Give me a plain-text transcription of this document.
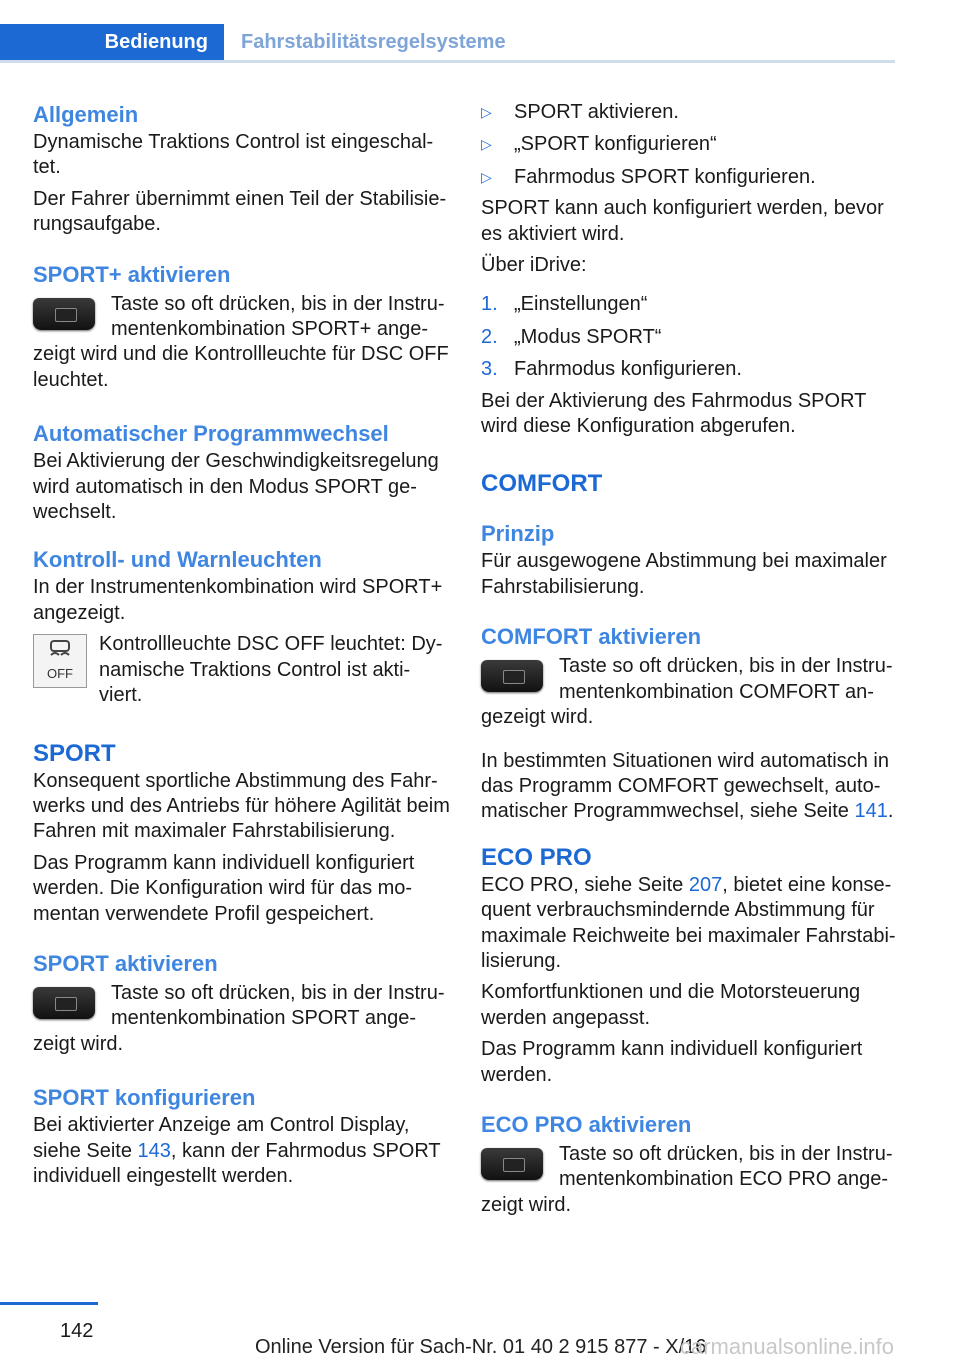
Bedienung	Fahrstabilitätsregelsysteme
Allgemein

Dynamische Traktions Control ist eingeschal-tet.

Der Fahrer übernimmt einen Teil der Stabilisie-rungsaufgabe.

SPORT+ aktivieren

Taste so oft drücken, bis in der Instru-mentenkombination SPORT+ ange-zeigt wird und die Kontrollleuchte für DSC OFF leuchtet.

Automatischer Programmwechsel

Bei Aktivierung der Geschwindigkeitsregelung wird automatisch in den Modus SPORT ge-wechselt.

Kontroll- und Warnleuchten

In der Instrumentenkombination wird SPORT+ angezeigt.

OFF

Kontrollleuchte DSC OFF leuchtet: Dy-namische Traktions Control ist akti-viert.

SPORT

Konsequent sportliche Abstimmung des Fahr-werks und des Antriebs für höhere Agilität beim Fahren mit maximaler Fahrstabilisierung.

Das Programm kann individuell konfiguriert werden. Die Konfiguration wird für das mo-mentan verwendete Profil gespeichert.

SPORT aktivieren

Taste so oft drücken, bis in der Instru-mentenkombination SPORT ange-zeigt wird.

SPORT konfigurieren

Bei aktivierter Anzeige am Control Display, siehe Seite 143, kann der Fahrmodus SPORT individuell eingestellt werden.

▷ SPORT aktivieren.
▷ „SPORT konfigurieren“
▷ Fahrmodus SPORT konfigurieren.

SPORT kann auch konfiguriert werden, bevor es aktiviert wird.

Über iDrive:

1. „Einstellungen“
2. „Modus SPORT“
3. Fahrmodus konfigurieren.

Bei der Aktivierung des Fahrmodus SPORT wird diese Konfiguration abgerufen.

COMFORT
Prinzip

Für ausgewogene Abstimmung bei maximaler Fahrstabilisierung.

COMFORT aktivieren

Taste so oft drücken, bis in der Instru-mentenkombination COMFORT an-gezeigt wird.

In bestimmten Situationen wird automatisch in das Programm COMFORT gewechselt, auto-matischer Programmwechsel, siehe Seite 141.

ECO PRO

ECO PRO, siehe Seite 207, bietet eine konse-quent verbrauchsmindernde Abstimmung für maximale Reichweite bei maximaler Fahrstabi-lisierung.

Komfortfunktionen und die Motorsteuerung werden angepasst.

Das Programm kann individuell konfiguriert werden.

ECO PRO aktivieren

Taste so oft drücken, bis in der Instru-mentenkombination ECO PRO ange-zeigt wird.

142
Online Version für Sach-Nr. 01 40 2 915 877 - X/16
carmanualsonline.info
